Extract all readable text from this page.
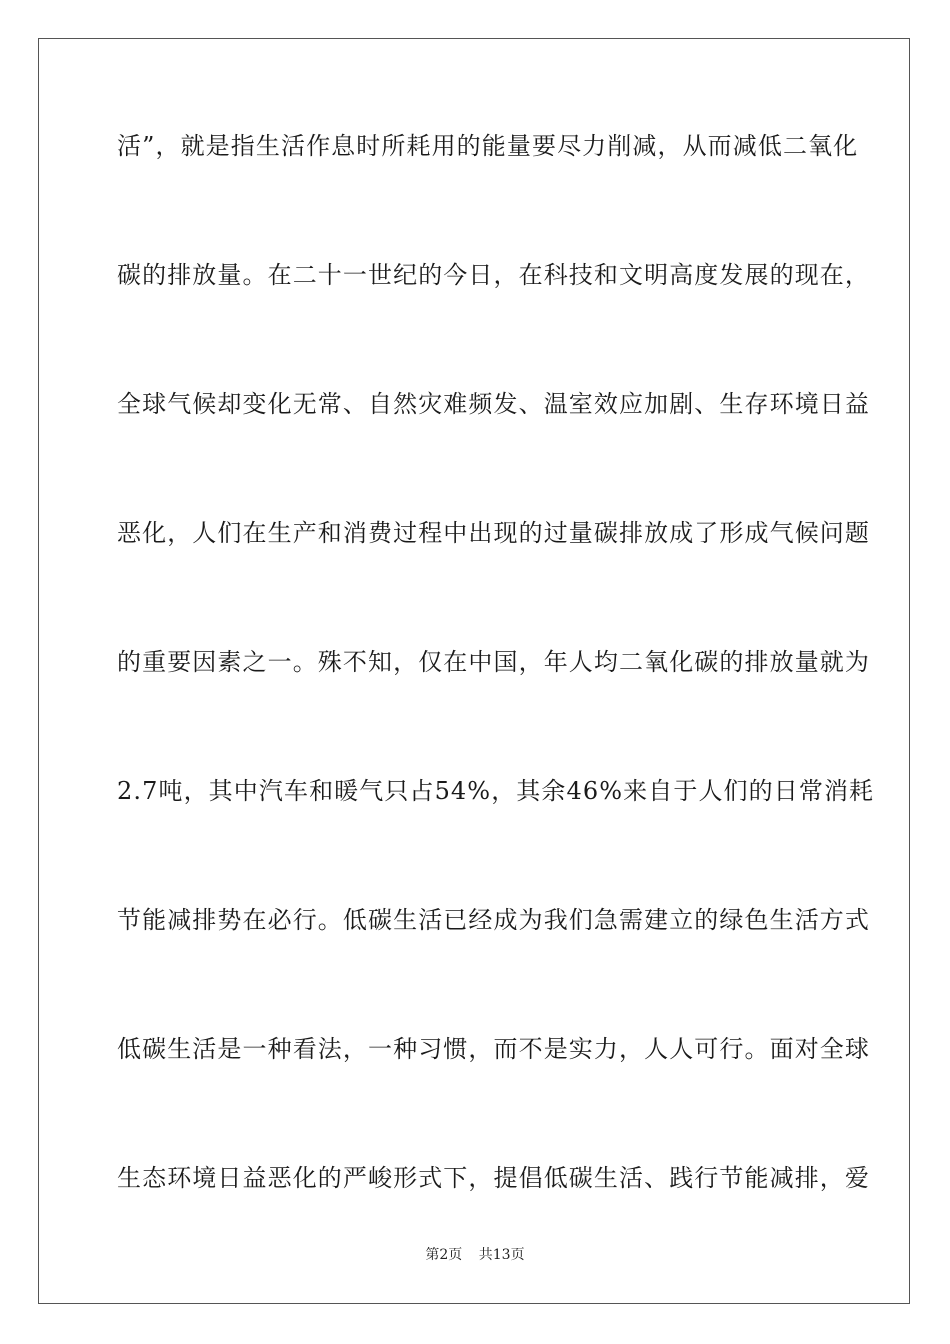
活”，就是指生活作息时所耗用的能量要尽力削减，从而减低二氧化
碳的排放量。在二十一世纪的今日，在科技和文明高度发展的现在，
全球气候却变化无常、自然灾难频发、温室效应加剧、生存环境日益
恶化，人们在生产和消费过程中出现的过量碳排放成了形成气候问题
的重要因素之一。殊不知，仅在中国，年人均二氧化碳的排放量就为
2.7吨，其中汽车和暖气只占54%，其余46%来自于人们的日常消耗
节能减排势在必行。低碳生活已经成为我们急需建立的绿色生活方式
低碳生活是一种看法，一种习惯，而不是实力，人人可行。面对全球
生态环境日益恶化的严峻形式下，提倡低碳生活、践行节能减排，爱
第2页 共13页
